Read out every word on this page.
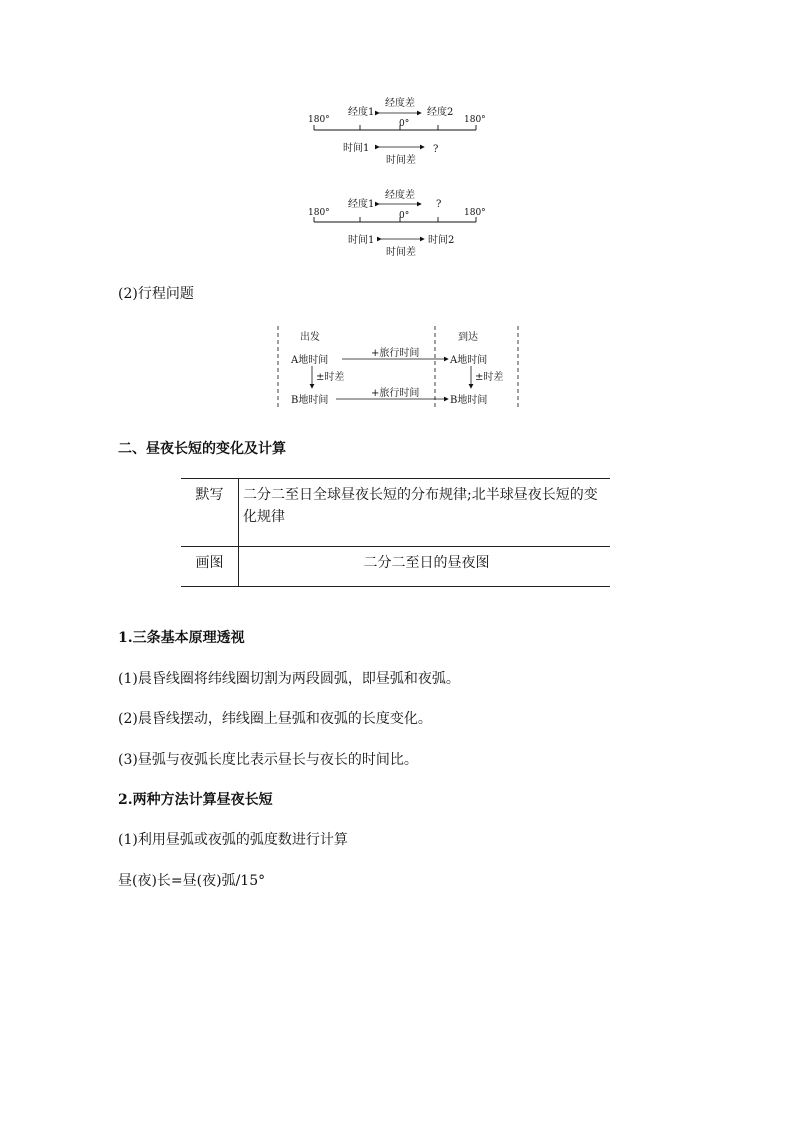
经度差
180°
经度1	经度2
180°
0°
时间1	?
时间差
经度差
经度1	?
180°	180°
0°
时间1	时间2
时间差
(2)行程问题
出发	到达
+旅行时间
A地时间	A地时间
±时差	±时差
+旅行时间
B地时间	B地时间
二、昼夜长短的变化及计算
默写	二分二至日全球昼夜长短的分布规律;北半球昼夜长短的变
化规律

画图	二分二至日的昼夜图
1.三条基本原理透视
(1)晨昏线圈将纬线圈切割为两段圆弧，即昼弧和夜弧。
(2)晨昏线摆动，纬线圈上昼弧和夜弧的长度变化。
(3)昼弧与夜弧长度比表示昼长与夜长的时间比。
2.两种方法计算昼夜长短
(1)利用昼弧或夜弧的弧度数进行计算
昼(夜)长=昼(夜)弧/15°
